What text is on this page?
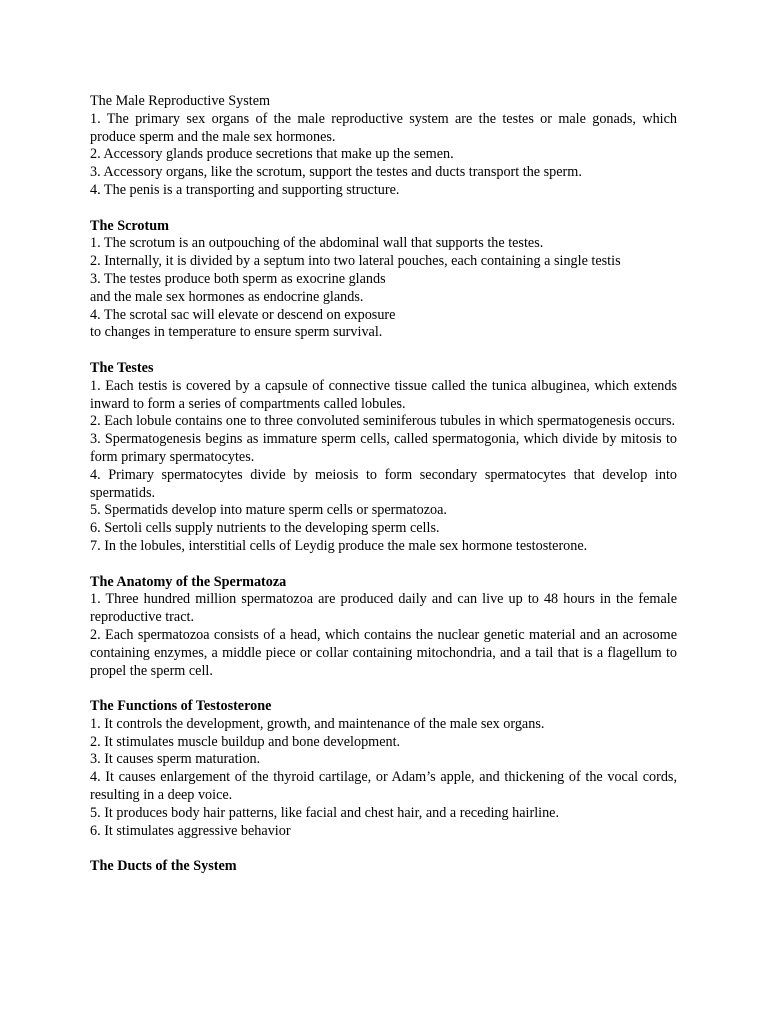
The Male Reproductive System

1. The primary sex organs of the male reproductive system are the testes or male gonads, which produce sperm and the male sex hormones.

2. Accessory glands produce secretions that make up the semen.

3. Accessory organs, like the scrotum, support the testes and ducts transport the sperm.

4. The penis is a transporting and supporting structure.

The Scrotum

1. The scrotum is an outpouching of the abdominal wall that supports the testes.

2. Internally, it is divided by a septum into two lateral pouches, each containing a single testis

3. The testes produce both sperm as exocrine glands

and the male sex hormones as endocrine glands.

4. The scrotal sac will elevate or descend on exposure

to changes in temperature to ensure sperm survival.

The Testes

1. Each testis is covered by a capsule of connective tissue called the tunica albuginea, which extends inward to form a series of compartments called lobules.

2. Each lobule contains one to three convoluted seminiferous tubules in which spermatogenesis occurs.

3. Spermatogenesis begins as immature sperm cells, called spermatogonia, which divide by mitosis to form primary spermatocytes.

4. Primary spermatocytes divide by meiosis to form secondary spermatocytes that develop into spermatids.

5. Spermatids develop into mature sperm cells or spermatozoa.

6. Sertoli cells supply nutrients to the developing sperm cells.

7. In the lobules, interstitial cells of Leydig produce the male sex hormone testosterone.

The Anatomy of the Spermatoza

1. Three hundred million spermatozoa are produced daily and can live up to 48 hours in the female reproductive tract.

2. Each spermatozoa consists of a head, which contains the nuclear genetic material and an acrosome containing enzymes, a middle piece or collar containing mitochondria, and a tail that is a flagellum to propel the sperm cell.

The Functions of Testosterone

1. It controls the development, growth, and maintenance of the male sex organs.

2. It stimulates muscle buildup and bone development.

3. It causes sperm maturation.

4. It causes enlargement of the thyroid cartilage, or Adam’s apple, and thickening of the vocal cords, resulting in a deep voice.

5. It produces body hair patterns, like facial and chest hair, and a receding hairline.

6. It stimulates aggressive behavior

The Ducts of the System
